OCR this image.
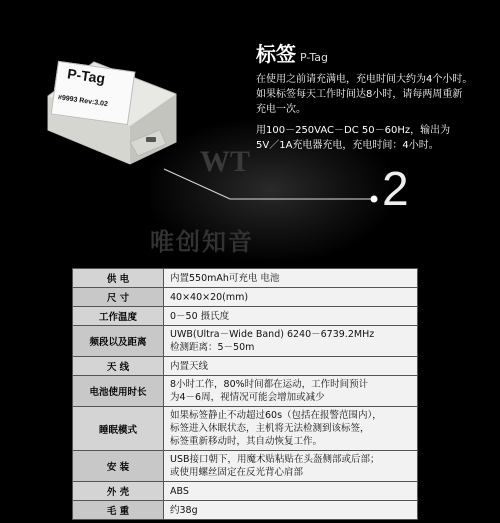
P-Tag
#9993 Rev:3.02
WT
唯创知音
标签 P-Tag
在使用之前请充满电，充电时间大约为4个小时。
如果标签每天工作时间达8小时，请每两周重新
充电一次。
用100－250VAC－DC 50－60Hz，输出为
5V／1A充电器充电，充电时间：4小时。
2
供 电	内置550mAh可充电 电池

尺 寸	40×40×20(mm)

工作温度	0－50 摄氏度

频段以及距离	UWB(Ultra－Wide Band) 6240－6739.2MHz
检测距离：5－50m

天 线	内置天线

电池使用时长	8小时工作，80%时间都在运动，工作时间预计
为4－6周，视情况可能会增加或减少

睡眠模式	如果标签静止不动超过60s（包括在报警范围内），
标签进入休眠状态，主机将无法检测到该标签，
标签重新移动时，其自动恢复工作。

安 装	USB接口朝下，用魔术贴粘贴在头盔侧部或后部；
或使用螺丝固定在反光背心肩部

外 壳	ABS

毛 重	约38g
